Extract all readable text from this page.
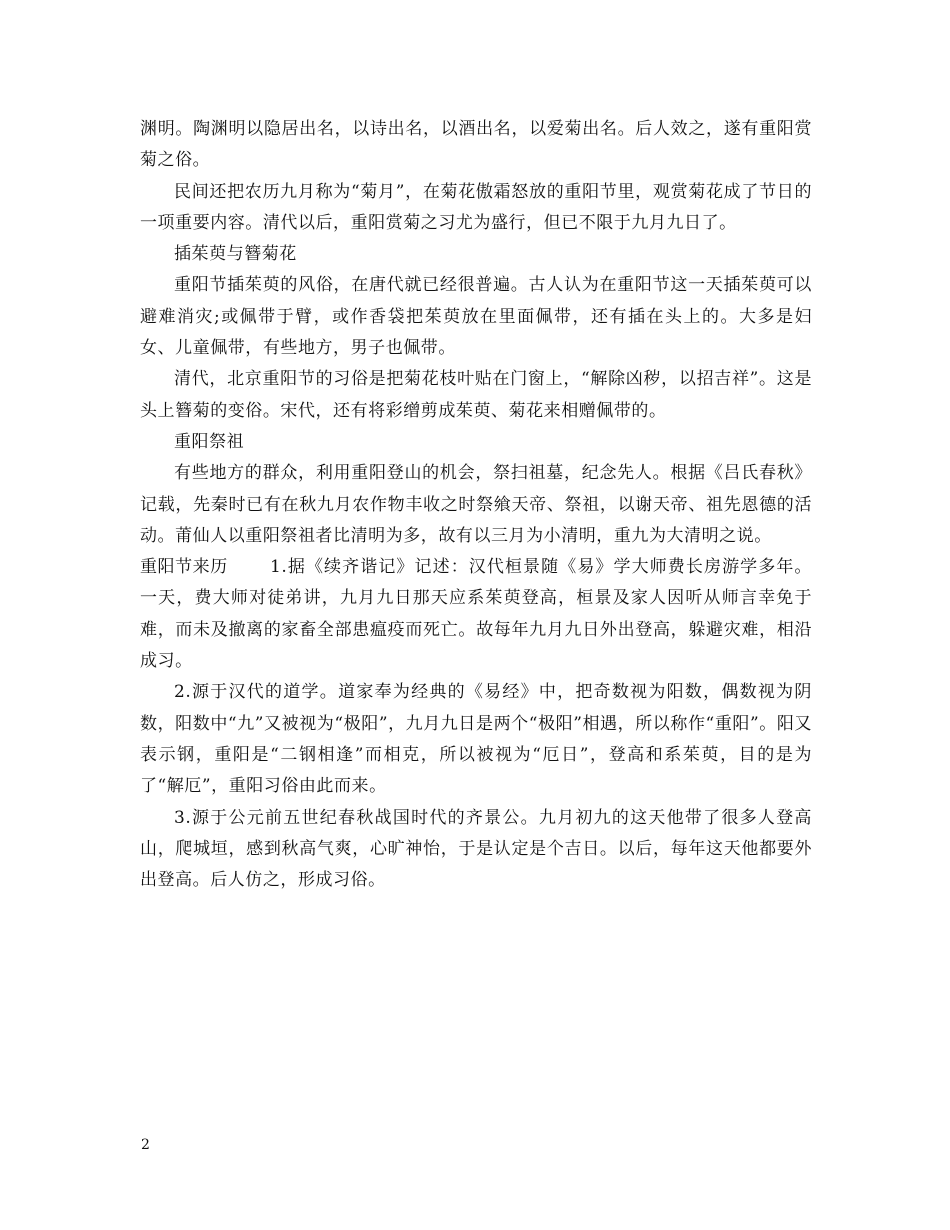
渊明。陶渊明以隐居出名，以诗出名，以酒出名，以爱菊出名。后人效之，遂有重阳赏菊之俗。

民间还把农历九月称为“菊月”，在菊花傲霜怒放的重阳节里，观赏菊花成了节日的一项重要内容。清代以后，重阳赏菊之习尤为盛行，但已不限于九月九日了。

插茱萸与簪菊花

重阳节插茱萸的风俗，在唐代就已经很普遍。古人认为在重阳节这一天插茱萸可以避难消灾;或佩带于臂，或作香袋把茱萸放在里面佩带，还有插在头上的。大多是妇女、儿童佩带，有些地方，男子也佩带。

清代，北京重阳节的习俗是把菊花枝叶贴在门窗上，“解除凶秽，以招吉祥”。这是头上簪菊的变俗。宋代，还有将彩缯剪成茱萸、菊花来相赠佩带的。

重阳祭祖

有些地方的群众，利用重阳登山的机会，祭扫祖墓，纪念先人。根据《吕氏春秋》记载，先秦时已有在秋九月农作物丰收之时祭飨天帝、祭祖，以谢天帝、祖先恩德的活动。莆仙人以重阳祭祖者比清明为多，故有以三月为小清明，重九为大清明之说。

重阳节来历 1.据《续齐谐记》记述：汉代桓景随《易》学大师费长房游学多年。一天，费大师对徒弟讲，九月九日那天应系茱萸登高，桓景及家人因听从师言幸免于难，而未及撤离的家畜全部患瘟疫而死亡。故每年九月九日外出登高，躲避灾难，相沿成习。

2.源于汉代的道学。道家奉为经典的《易经》中，把奇数视为阳数，偶数视为阴数，阳数中“九”又被视为“极阳”，九月九日是两个“极阳”相遇，所以称作“重阳”。阳又表示钢，重阳是“二钢相逢”而相克，所以被视为“厄日”，登高和系茱萸，目的是为了“解厄”，重阳习俗由此而来。

3.源于公元前五世纪春秋战国时代的齐景公。九月初九的这天他带了很多人登高山，爬城垣，感到秋高气爽，心旷神怡，于是认定是个吉日。以后，每年这天他都要外出登高。后人仿之，形成习俗。

2
